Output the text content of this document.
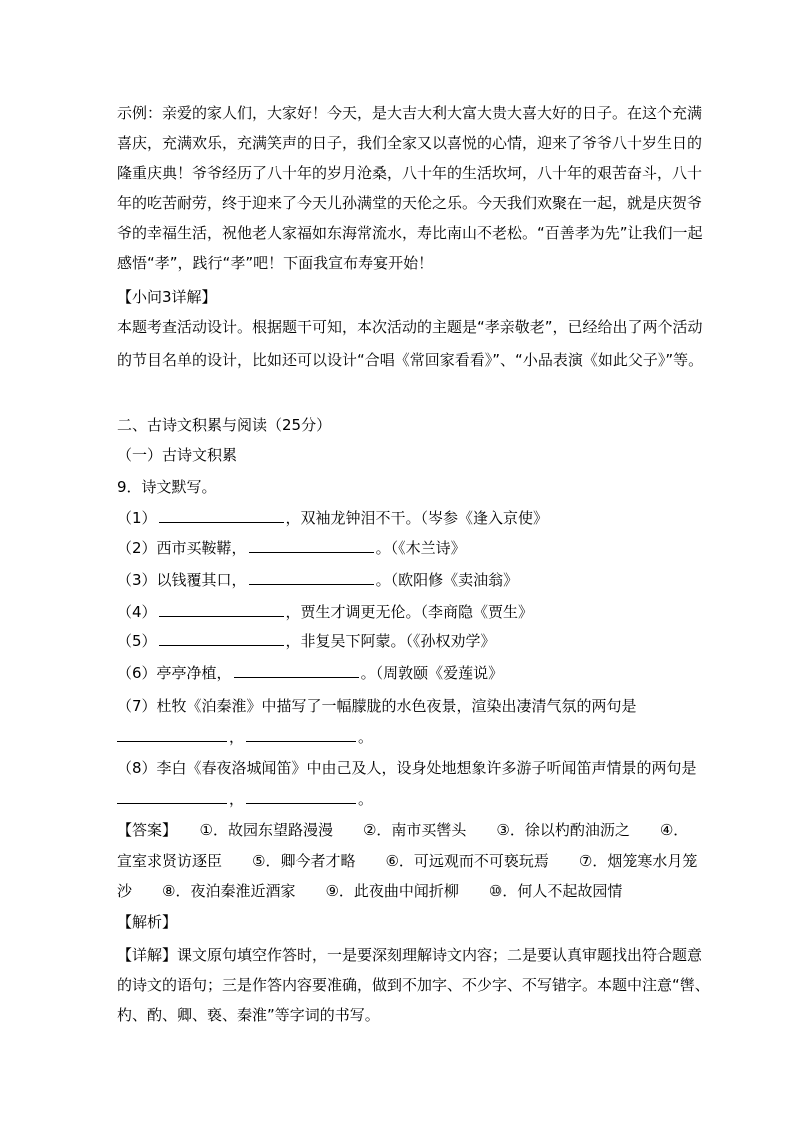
示例：亲爱的家人们，大家好！今天，是大吉大利大富大贵大喜大好的日子。在这个充满
喜庆，充满欢乐，充满笑声的日子，我们全家又以喜悦的心情，迎来了爷爷八十岁生日的
隆重庆典！爷爷经历了八十年的岁月沧桑，八十年的生活坎坷，八十年的艰苦奋斗，八十
年的吃苦耐劳，终于迎来了今天儿孙满堂的天伦之乐。今天我们欢聚在一起，就是庆贺爷
爷的幸福生活，祝他老人家福如东海常流水，寿比南山不老松。“百善孝为先”让我们一起
感悟“孝”，践行“孝”吧！下面我宣布寿宴开始！
【小问3详解】
本题考查活动设计。根据题干可知，本次活动的主题是“孝亲敬老”，已经给出了两个活动
的节目名单的设计，比如还可以设计“合唱《常回家看看》”、“小品表演《如此父子》”等。
二、古诗文积累与阅读（25分）
（一）古诗文积累
9．诗文默写。
（1）	，双袖龙钟泪不干。（岑参《逢入京使》
（2）西市买鞍鞯，	。（《木兰诗》
（3）以钱覆其口，	。（欧阳修《卖油翁》
（4）	，贾生才调更无伦。（李商隐《贾生》
（5）	，非复吴下阿蒙。（《孙权劝学》
（6）亭亭净植，	。（周敦颐《爱莲说》
（7）杜牧《泊秦淮》中描写了一幅朦胧的水色夜景，渲染出凄清气氛的两句是
，	。
（8）李白《春夜洛城闻笛》中由己及人，设身处地想象许多游子听闻笛声情景的两句是
，	。
【答案】　　①．故园东望路漫漫　　②．南市买辔头　　③．徐以杓酌油沥之　　④．
宣室求贤访逐臣　　⑤．卿今者才略　　⑥．可远观而不可亵玩焉　　⑦．烟笼寒水月笼
沙　　⑧．夜泊秦淮近酒家　　⑨．此夜曲中闻折柳　　⑩．何人不起故园情
【解析】
【详解】课文原句填空作答时，一是要深刻理解诗文内容；二是要认真审题找出符合题意
的诗文的语句；三是作答内容要准确，做到不加字、不少字、不写错字。本题中注意“辔、
杓、酌、卿、亵、秦淮”等字词的书写。
